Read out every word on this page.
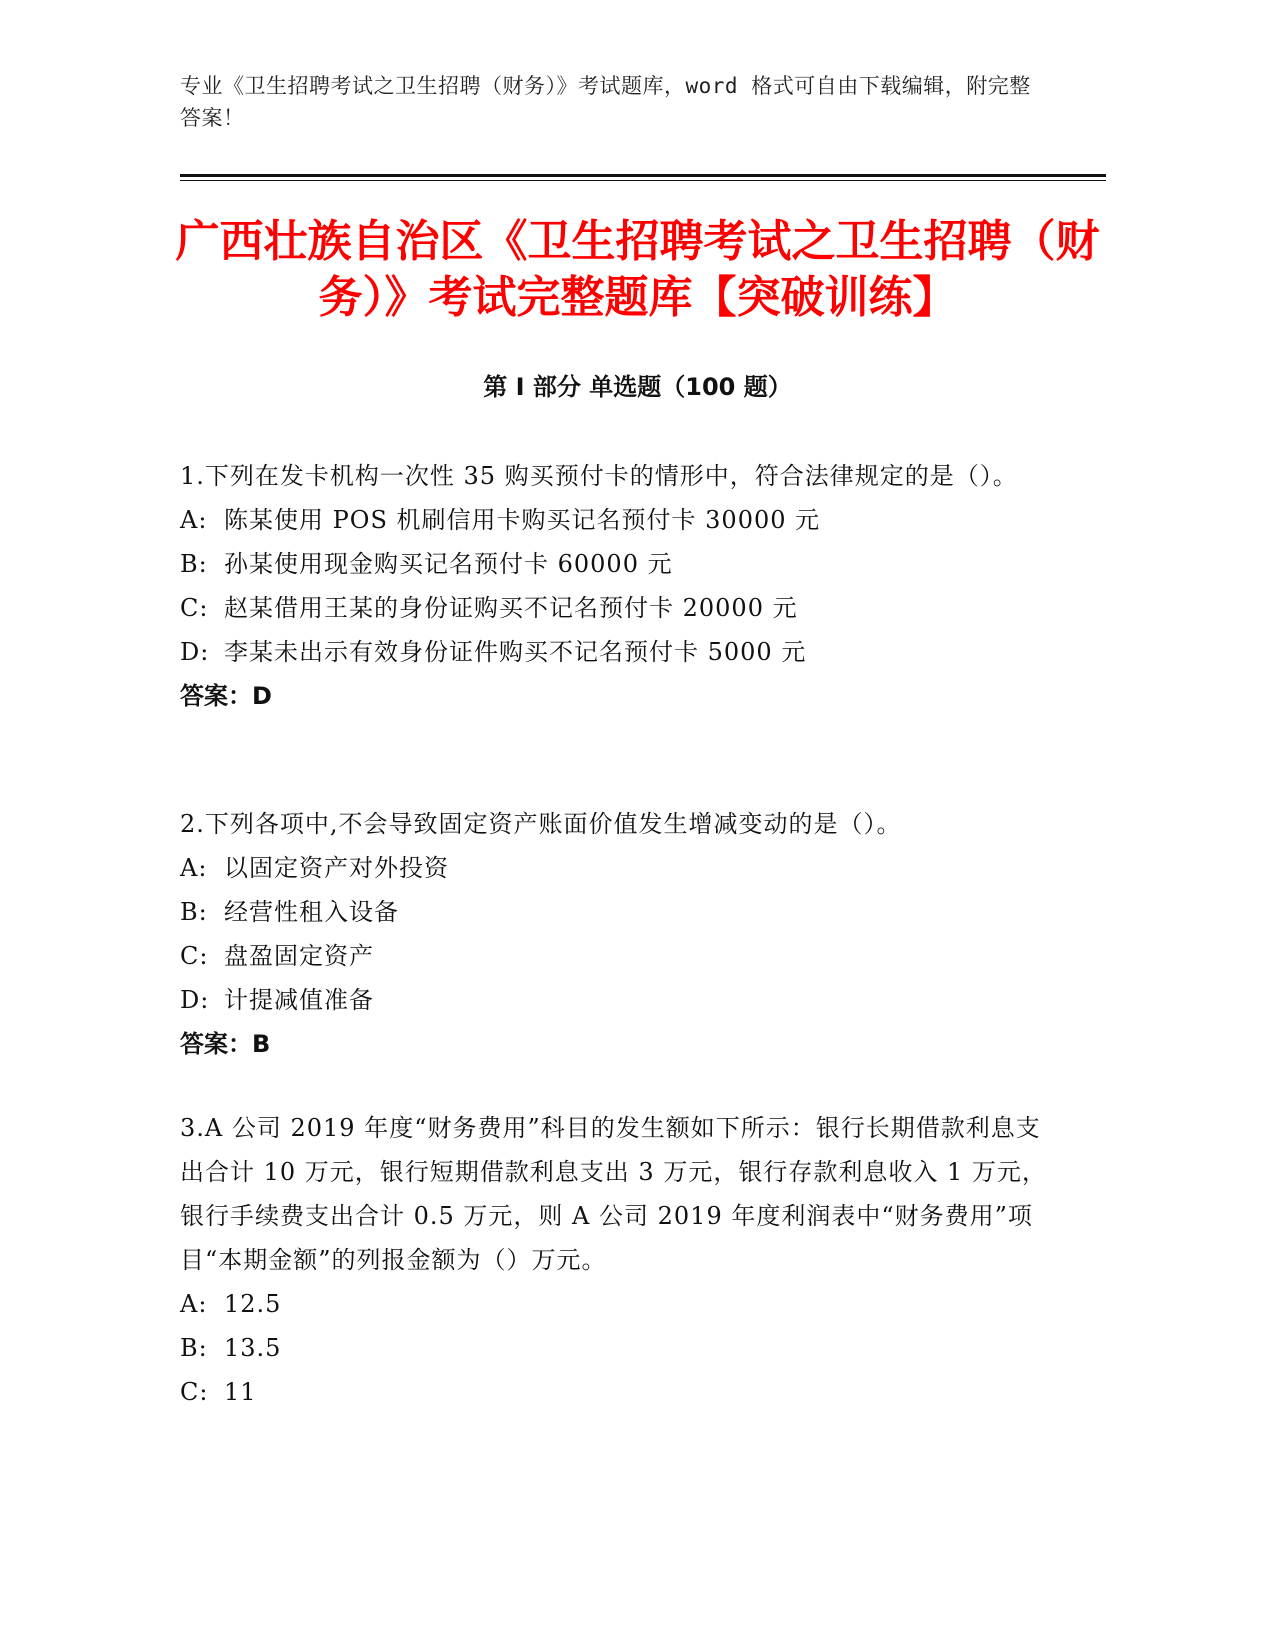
专业《卫生招聘考试之卫生招聘（财务）》考试题库，word 格式可自由下载编辑，附完整答案！
广西壮族自治区《卫生招聘考试之卫生招聘（财务）》考试完整题库【突破训练】
第 I 部分 单选题（100 题）
1.下列在发卡机构一次性 35 购买预付卡的情形中，符合法律规定的是（）。
A: 陈某使用 POS 机刷信用卡购买记名预付卡 30000 元
B: 孙某使用现金购买记名预付卡 60000 元
C: 赵某借用王某的身份证购买不记名预付卡 20000 元
D: 李某未出示有效身份证件购买不记名预付卡 5000 元
答案：D
2.下列各项中,不会导致固定资产账面价值发生增减变动的是（）。
A: 以固定资产对外投资
B: 经营性租入设备
C: 盘盈固定资产
D: 计提减值准备
答案：B
3.A 公司 2019 年度“财务费用”科目的发生额如下所示：银行长期借款利息支出合计 10 万元，银行短期借款利息支出 3 万元，银行存款利息收入 1 万元，银行手续费支出合计 0.5 万元，则 A 公司 2019 年度利润表中“财务费用”项目“本期金额”的列报金额为（）万元。
A: 12.5
B: 13.5
C: 11
